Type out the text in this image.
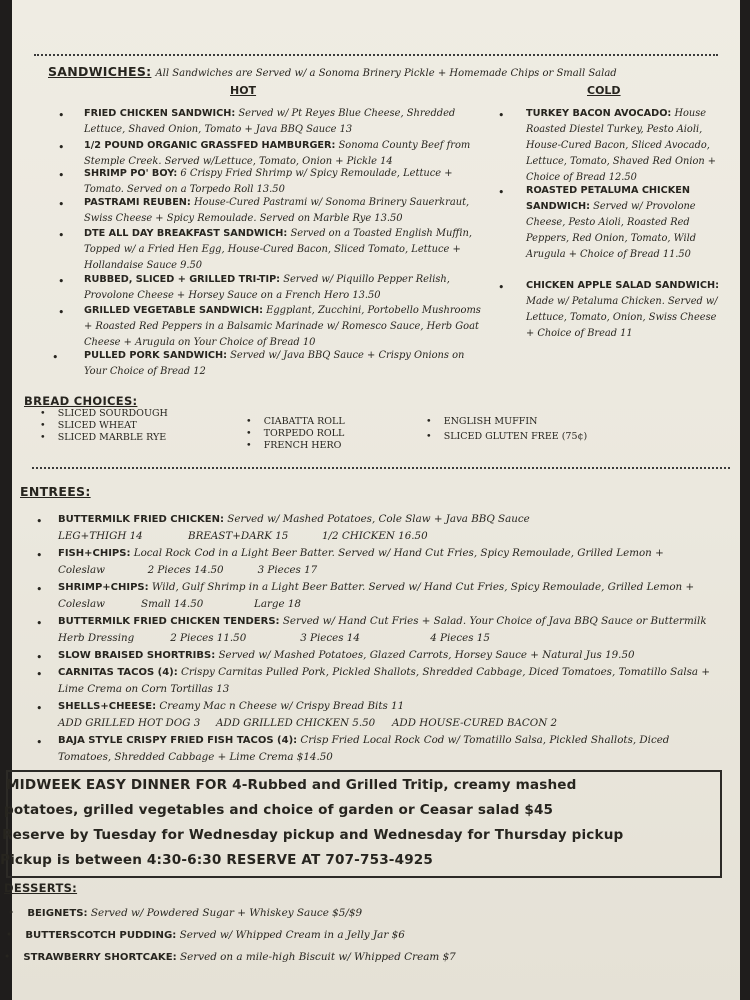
SANDWICHES: All Sandwiches are Served w/ a Sonoma Brinery Pickle + Homemade Chips or Small Salad
HOT	COLD
• FRIED CHICKEN SANDWICH: Served w/ Pt Reyes Blue Cheese, Shredded Lettuce, Shaved Onion, Tomato + Java BBQ Sauce 13
• 1/2 POUND ORGANIC GRASSFED HAMBURGER: Sonoma County Beef from Stemple Creek. Served w/Lettuce, Tomato, Onion + Pickle 14
• SHRIMP PO' BOY: 6 Crispy Fried Shrimp w/ Spicy Remoulade, Lettuce + Tomato. Served on a Torpedo Roll 13.50
• PASTRAMI REUBEN: House-Cured Pastrami w/ Sonoma Brinery Sauerkraut, Swiss Cheese + Spicy Remoulade. Served on Marble Rye 13.50
• DTE ALL DAY BREAKFAST SANDWICH: Served on a Toasted English Muffin, Topped w/ a Fried Hen Egg, House-Cured Bacon, Sliced Tomato, Lettuce + Hollandaise Sauce 9.50
• RUBBED, SLICED + GRILLED TRI-TIP: Served w/ Piquillo Pepper Relish, Provolone Cheese + Horsey Sauce on a French Hero 13.50
• GRILLED VEGETABLE SANDWICH: Eggplant, Zucchini, Portobello Mushrooms + Roasted Red Peppers in a Balsamic Marinade w/ Romesco Sauce, Herb Goat Cheese + Arugula on Your Choice of Bread 10
•	PULLED PORK SANDWICH: Served w/ Java BBQ Sauce + Crispy Onions on Your Choice of Bread 12
• TURKEY BACON AVOCADO: House Roasted Diestel Turkey, Pesto Aioli, House-Cured Bacon, Sliced Avocado, Lettuce, Tomato, Shaved Red Onion + Choice of Bread 12.50
• ROASTED PETALUMA CHICKEN SANDWICH: Served w/ Provolone Cheese, Pesto Aioli, Roasted Red Peppers, Red Onion, Tomato, Wild Arugula + Choice of Bread 11.50
• CHICKEN APPLE SALAD SANDWICH: Made w/ Petaluma Chicken. Served w/ Lettuce, Tomato, Onion, Swiss Cheese + Choice of Bread 11
BREAD CHOICES:
•    SLICED SOURDOUGH
•    SLICED WHEAT
•    SLICED MARBLE RYE
•    CIABATTA ROLL
•    TORPEDO ROLL
•    FRENCH HERO
•    ENGLISH MUFFIN
•    SLICED GLUTEN FREE (75¢)
ENTREES:
• BUTTERMILK FRIED CHICKEN: Served w/ Mashed Potatoes, Cole Slaw + Java BBQ Sauce
LEG+THIGH 14	BREAST+DARK 15	1/2 CHICKEN 16.50
• FISH+CHIPS: Local Rock Cod in a Light Beer Batter. Served w/ Hand Cut Fries, Spicy Remoulade, Grilled Lemon + Coleslaw	2 Pieces 14.50	3 Pieces 17
• SHRIMP+CHIPS: Wild, Gulf Shrimp in a Light Beer Batter. Served w/ Hand Cut Fries, Spicy Remoulade, Grilled Lemon + Coleslaw	Small 14.50	Large 18
• BUTTERMILK FRIED CHICKEN TENDERS: Served w/ Hand Cut Fries + Salad. Your Choice of Java BBQ Sauce or Buttermilk Herb Dressing	2 Pieces 11.50	3 Pieces 14	4 Pieces 15
• SLOW BRAISED SHORTRIBS: Served w/ Mashed Potatoes, Glazed Carrots, Horsey Sauce + Natural Jus 19.50
• CARNITAS TACOS (4): Crispy Carnitas Pulled Pork, Pickled Shallots, Shredded Cabbage, Diced Tomatoes, Tomatillo Salsa + Lime Crema on Corn Tortillas 13
• SHELLS+CHEESE: Creamy Mac n Cheese w/ Crispy Bread Bits 11
ADD GRILLED HOT DOG 3 ADD GRILLED CHICKEN 5.50 ADD HOUSE-CURED BACON 2
• BAJA STYLE CRISPY FRIED FISH TACOS (4): Crisp Fried Local Rock Cod w/ Tomatillo Salsa, Pickled Shallots, Diced Tomatoes, Shredded Cabbage + Lime Crema $14.50
MIDWEEK EASY DINNER FOR 4-Rubbed and Grilled Tritip, creamy mashed
potatoes, grilled vegetables and choice of garden or Ceasar salad $45
Reserve by Tuesday for Wednesday pickup and Wednesday for Thursday pickup
Pickup is between 4:30-6:30 RESERVE AT 707-753-4925
DESSERTS:
•    BEIGNETS: Served w/ Powdered Sugar + Whiskey Sauce $5/$9
•    BUTTERSCOTCH PUDDING: Served w/ Whipped Cream in a Jelly Jar $6
•    STRAWBERRY SHORTCAKE: Served on a mile-high Biscuit w/ Whipped Cream $7
